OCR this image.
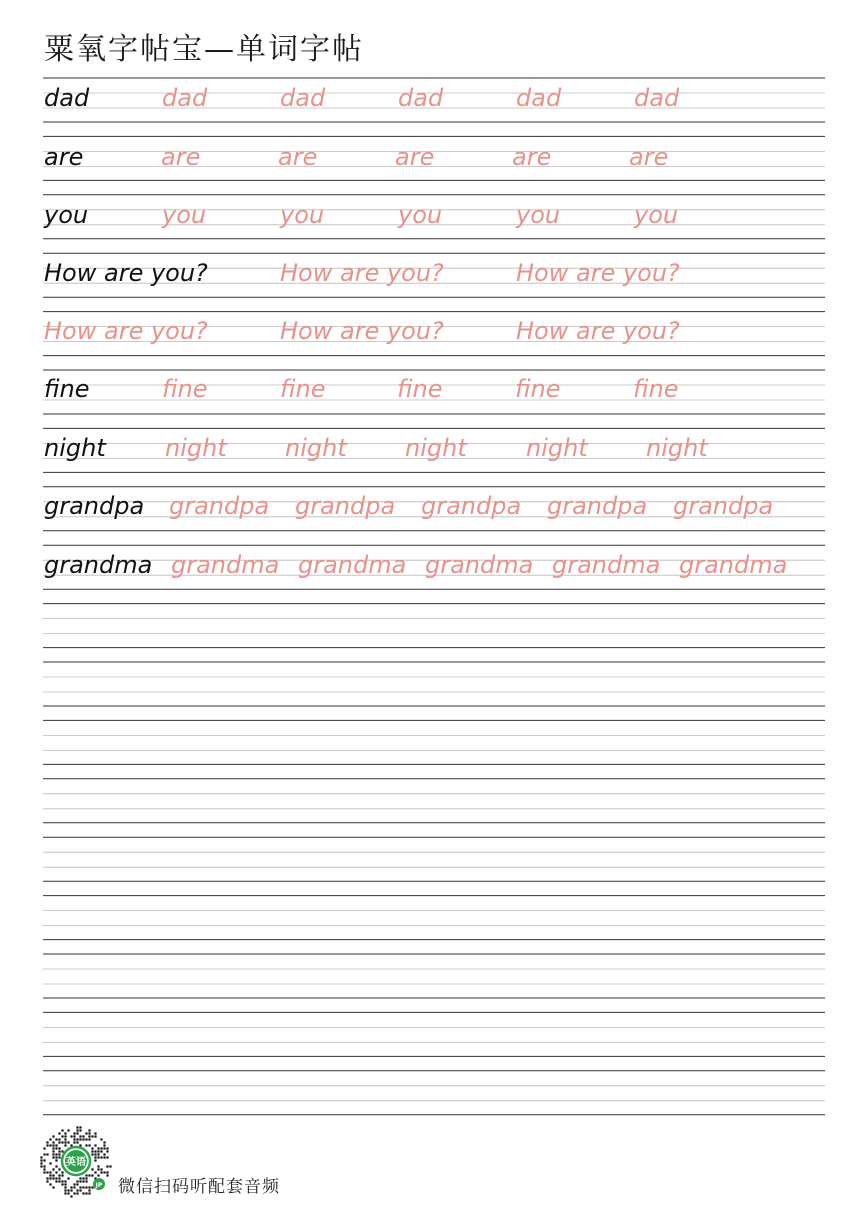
粟氧字帖宝—单词字帖
dad	dad	dad	dad	dad	dad
are	are	are	are	are	are
you	you	you	you	you	you
How are you?	How are you?	How are you?
How are you?	How are you?	How are you?
fine	fine	fine	fine	fine	fine
night night night night night night
grandpa grandpa grandpa grandpa grandpa grandpa
grandma grandma grandma grandma grandma grandma
英语
JP 微信扫码听配套音频
